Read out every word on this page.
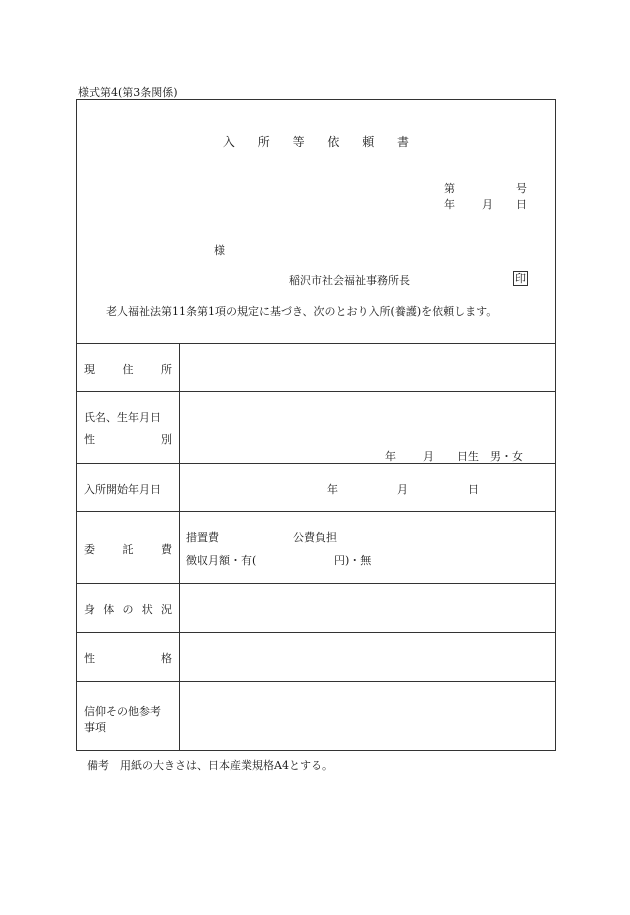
様式第4(第3条関係)
入 所 等 依 頼 書
第	号
年 月 日
様
稲沢市社会福祉事務所長	印
老人福祉法第11条第1項の規定に基づき、次のとおり入所(養護)を依頼します。
現	住	所
氏名、生年月日
性	別
年 月 日生 男・女
入所開始年月日	年	月	日
委	託	費
措置費	公費負担
徴収月額・有(	円)・無
身 体 の 状 況
性	格
信仰その他参考
事項
備考　用紙の大きさは、日本産業規格A4とする。
